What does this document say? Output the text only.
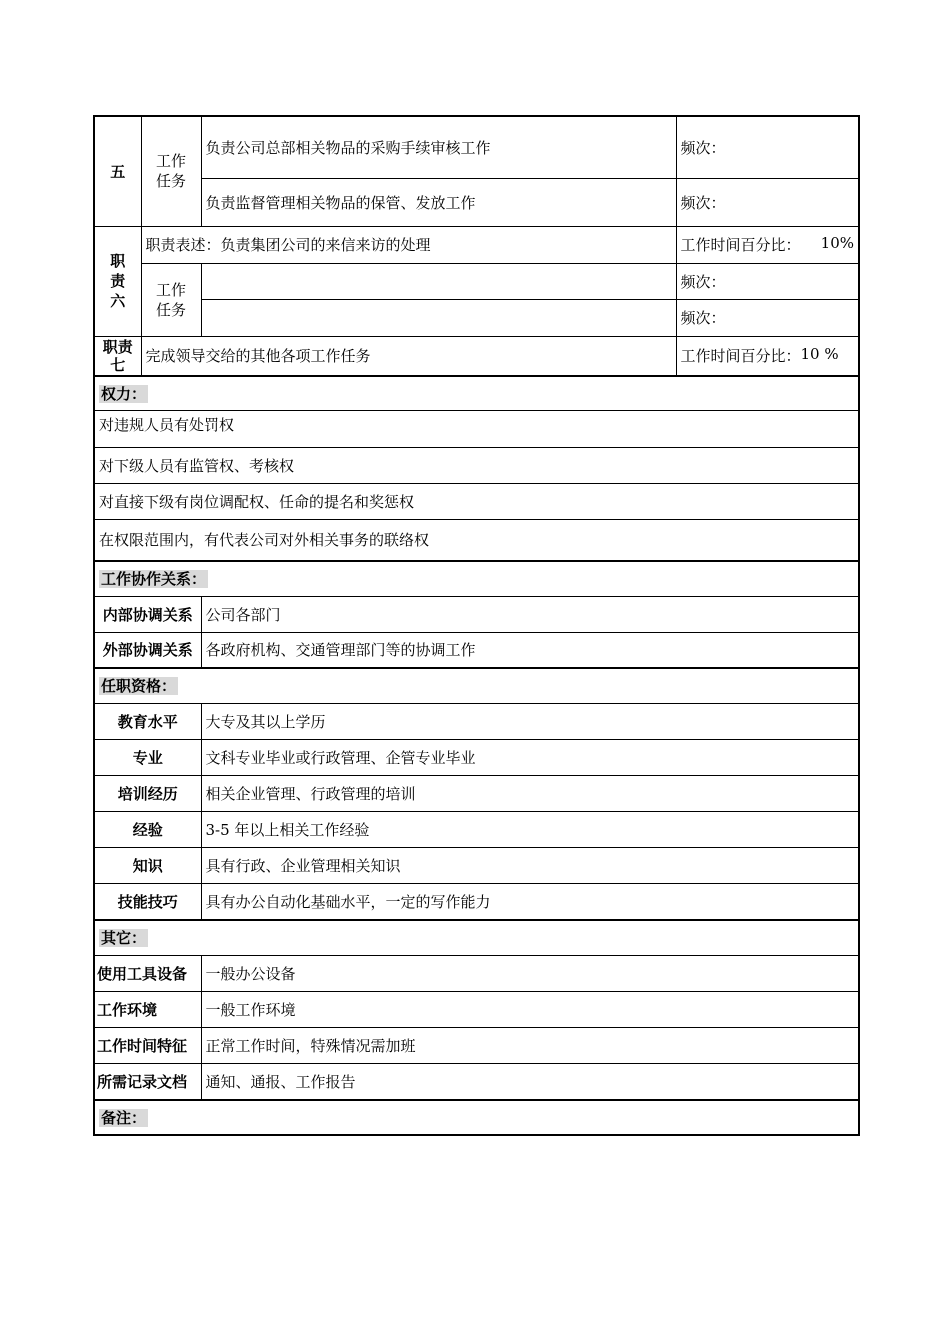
五	工作任务	负责公司总部相关物品的采购手续审核工作	频次：
		负责监督管理相关物品的保管、发放工作	频次：
职责六	职责表述：负责集团公司的来信来访的处理		工作时间百分比： 10%

	工作任务		频次：
			频次：
职责七	完成领导交给的其他各项工作任务		工作时间百分比： 10 %

权力：			
对违规人员有处罚权			
对下级人员有监管权、考核权			
对直接下级有岗位调配权、任命的提名和奖惩权			
在权限范围内，有代表公司对外相关事务的联络权			
工作协作关系：			
内部协调关系		公司各部门	
外部协调关系		各政府机构、交通管理部门等的协调工作	
任职资格：			
教育水平		大专及其以上学历	
专业		文科专业毕业或行政管理、企管专业毕业	
培训经历		相关企业管理、行政管理的培训	
经验		3-5 年以上相关工作经验	
知识		具有行政、企业管理相关知识	
技能技巧		具有办公自动化基础水平，一定的写作能力	
其它：			
使用工具设备		一般办公设备	
工作环境		一般工作环境	
工作时间特征		正常工作时间，特殊情况需加班	
所需记录文档		通知、通报、工作报告	
备注：			
